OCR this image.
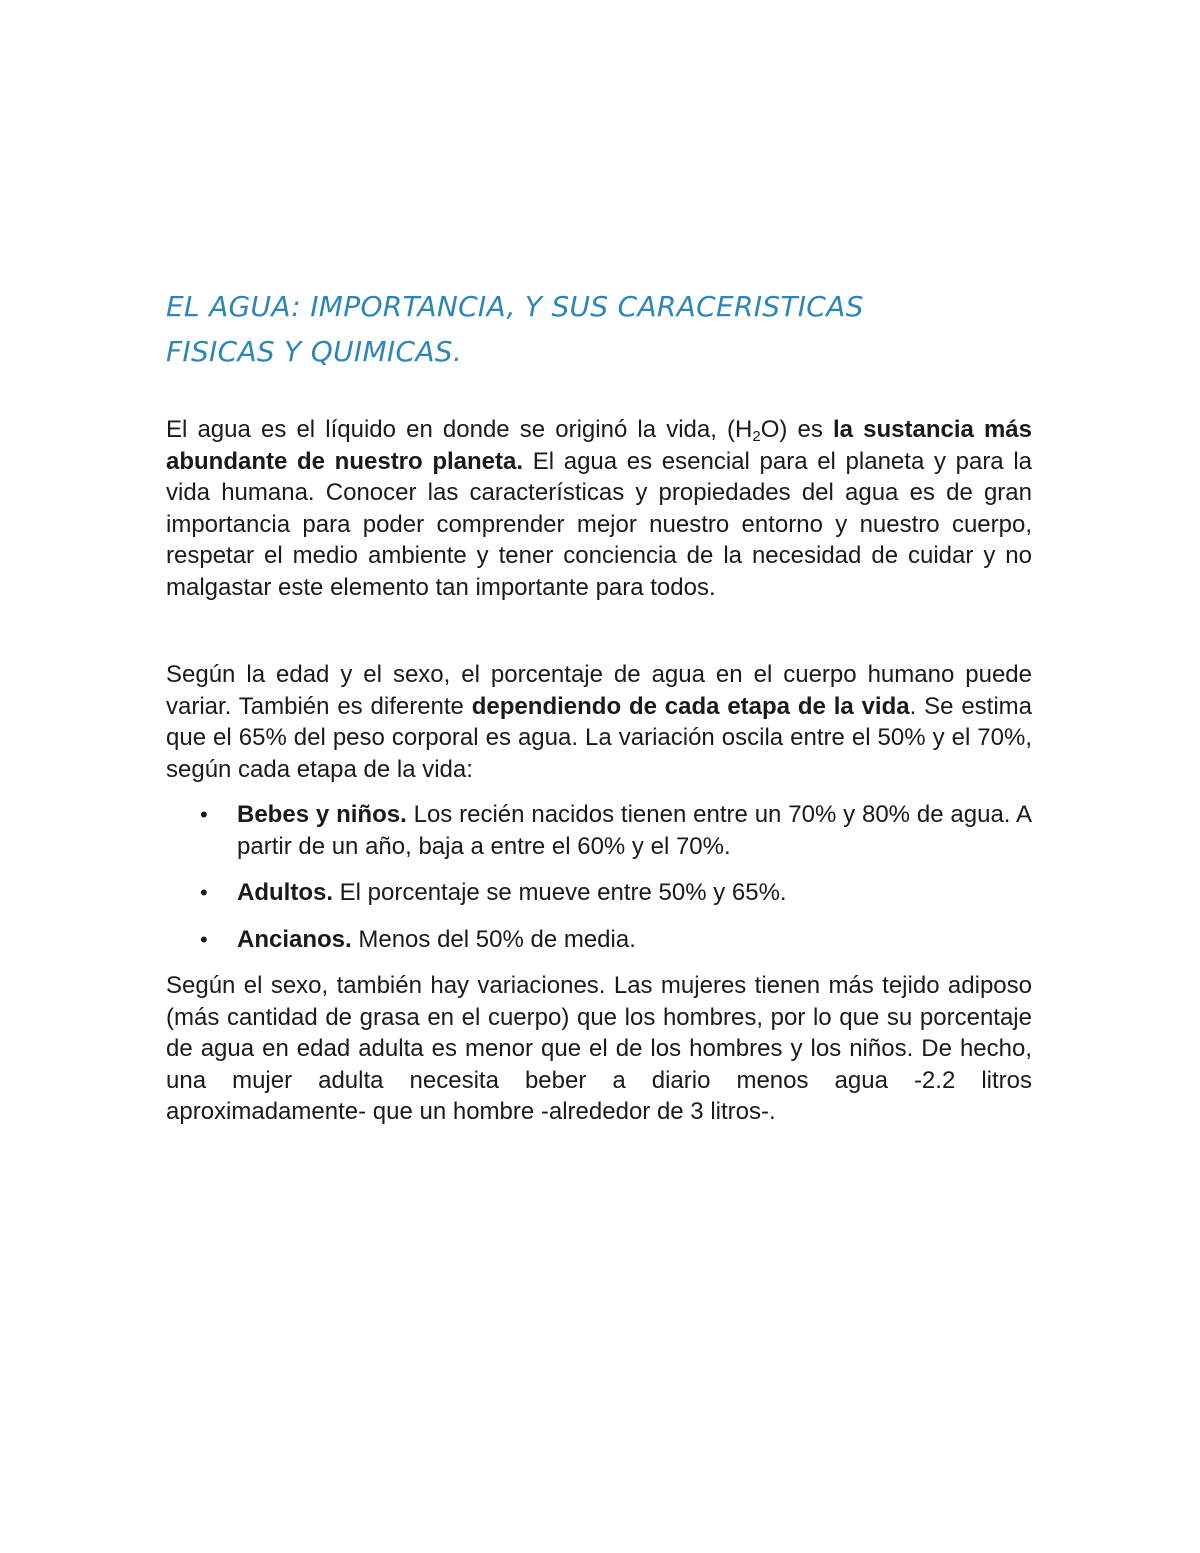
EL AGUA: IMPORTANCIA, Y SUS CARACERISTICAS
FISICAS Y QUIMICAS.

El agua es el líquido en donde se originó la vida, $(H_2O)$ es la sustancia más abundante de nuestro planeta. El agua es esencial para el planeta y para la vida humana. Conocer las características y propiedades del agua es de gran importancia para poder comprender mejor nuestro entorno y nuestro cuerpo, respetar el medio ambiente y tener conciencia de la necesidad de cuidar y no malgastar este elemento tan importante para todos.

Según la edad y el sexo, el porcentaje de agua en el cuerpo humano puede variar. También es diferente dependiendo de cada etapa de la vida. Se estima que el 65% del peso corporal es agua. La variación oscila entre el 50% y el 70%, según cada etapa de la vida:

• Bebes y niños. Los recién nacidos tienen entre un 70% y 80% de agua. A partir de un año, baja a entre el 60% y el 70%.

• Adultos. El porcentaje se mueve entre 50% y 65%.

• Ancianos. Menos del 50% de media.

Según el sexo, también hay variaciones. Las mujeres tienen más tejido adiposo (más cantidad de grasa en el cuerpo) que los hombres, por lo que su porcentaje de agua en edad adulta es menor que el de los hombres y los niños. De hecho, una mujer adulta necesita beber a diario menos agua -2.2 litros aproximadamente- que un hombre -alrededor de 3 litros-.
